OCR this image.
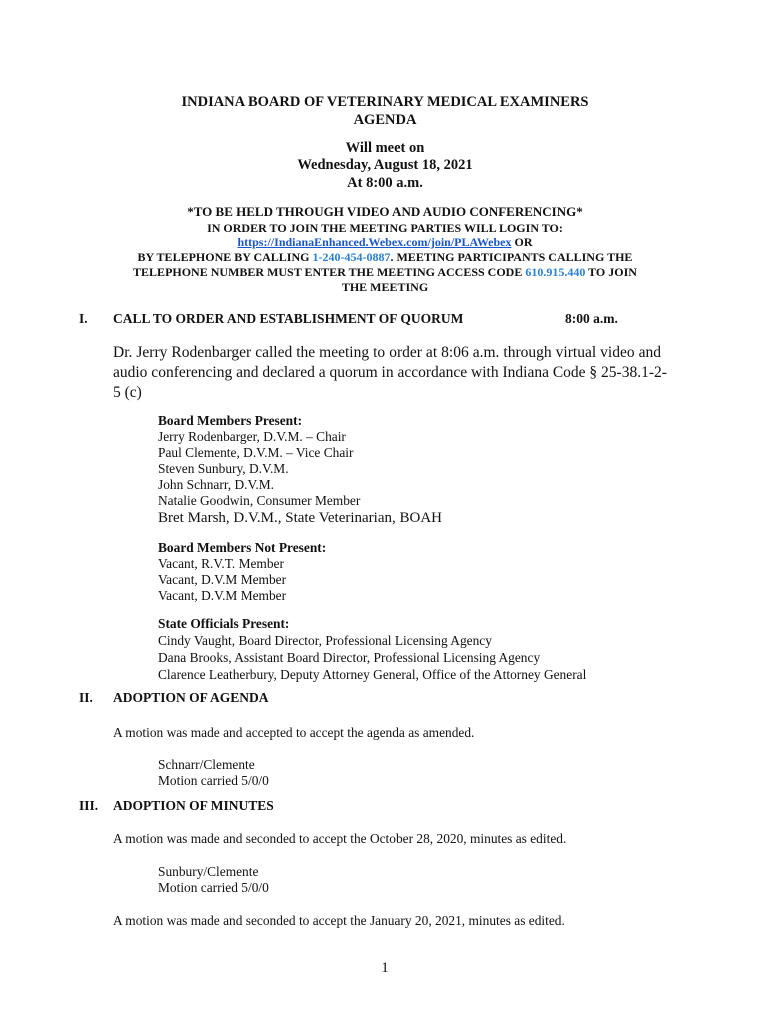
INDIANA BOARD OF VETERINARY MEDICAL EXAMINERS
AGENDA
Will meet on
Wednesday, August 18, 2021
At 8:00 a.m.
*TO BE HELD THROUGH VIDEO AND AUDIO CONFERENCING*
IN ORDER TO JOIN THE MEETING PARTIES WILL LOGIN TO:
https://IndianaEnhanced.Webex.com/join/PLAWebex OR
BY TELEPHONE BY CALLING 1-240-454-0887. MEETING PARTICIPANTS CALLING THE
TELEPHONE NUMBER MUST ENTER THE MEETING ACCESS CODE 610.915.440 TO JOIN
THE MEETING
I. CALL TO ORDER AND ESTABLISHMENT OF QUORUM	8:00 a.m.
Dr. Jerry Rodenbarger called the meeting to order at 8:06 a.m. through virtual video and
audio conferencing and declared a quorum in accordance with Indiana Code § 25-38.1-2-
5 (c)
Board Members Present:
Jerry Rodenbarger, D.V.M. – Chair
Paul Clemente, D.V.M. – Vice Chair
Steven Sunbury, D.V.M.
John Schnarr, D.V.M.
Natalie Goodwin, Consumer Member
Bret Marsh, D.V.M., State Veterinarian, BOAH
Board Members Not Present:
Vacant, R.V.T. Member
Vacant, D.V.M Member
Vacant, D.V.M Member
State Officials Present:
Cindy Vaught, Board Director, Professional Licensing Agency
Dana Brooks, Assistant Board Director, Professional Licensing Agency
Clarence Leatherbury, Deputy Attorney General, Office of the Attorney General
II. ADOPTION OF AGENDA
A motion was made and accepted to accept the agenda as amended.
Schnarr/Clemente
Motion carried 5/0/0
III. ADOPTION OF MINUTES
A motion was made and seconded to accept the October 28, 2020, minutes as edited.
Sunbury/Clemente
Motion carried 5/0/0
A motion was made and seconded to accept the January 20, 2021, minutes as edited.
1
